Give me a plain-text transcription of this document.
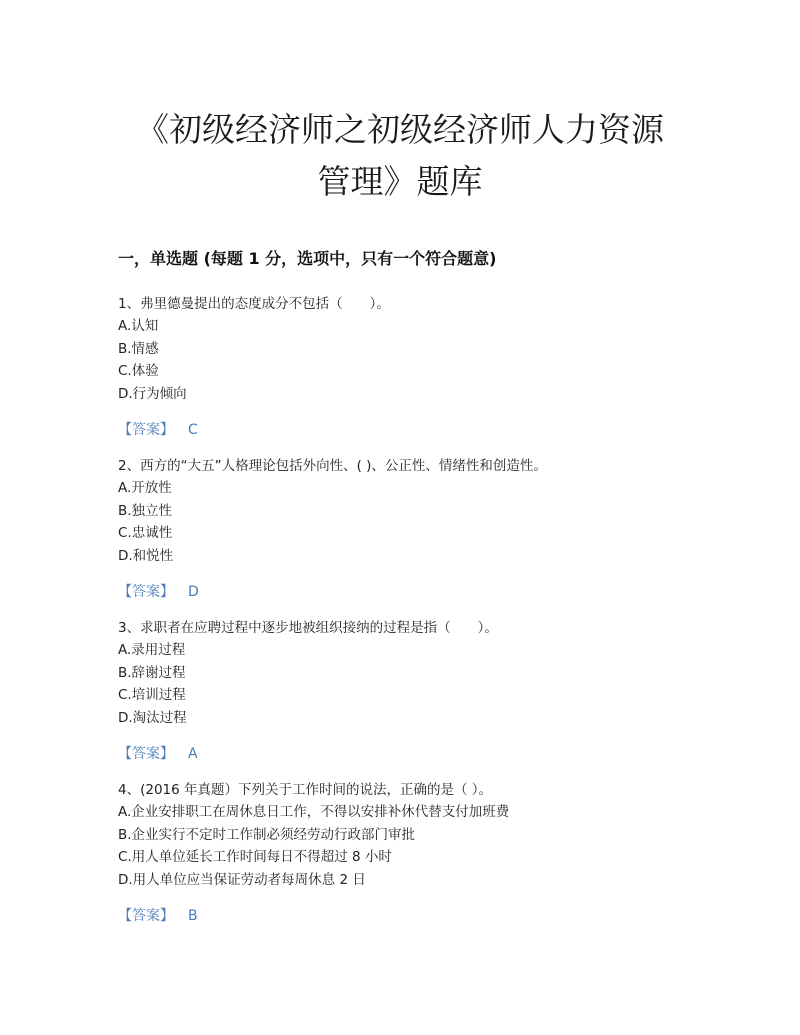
《初级经济师之初级经济师人力资源
管理》题库
一，单选题 (每题 1 分，选项中，只有一个符合题意)
1、弗里德曼提出的态度成分不包括（　　）。
A.认知
B.情感
C.体验
D.行为倾向
【答案】 C
2、西方的“大五”人格理论包括外向性、( )、公正性、情绪性和创造性。
A.开放性
B.独立性
C.忠诚性
D.和悦性
【答案】 D
3、求职者在应聘过程中逐步地被组织接纳的过程是指（　　）。
A.录用过程
B.辞谢过程
C.培训过程
D.淘汰过程
【答案】 A
4、(2016 年真题）下列关于工作时间的说法，正确的是（ ）。
A.企业安排职工在周休息日工作，不得以安排补休代替支付加班费
B.企业实行不定时工作制必须经劳动行政部门审批
C.用人单位延长工作时间每日不得超过 8 小时
D.用人单位应当保证劳动者每周休息 2 日
【答案】 B
